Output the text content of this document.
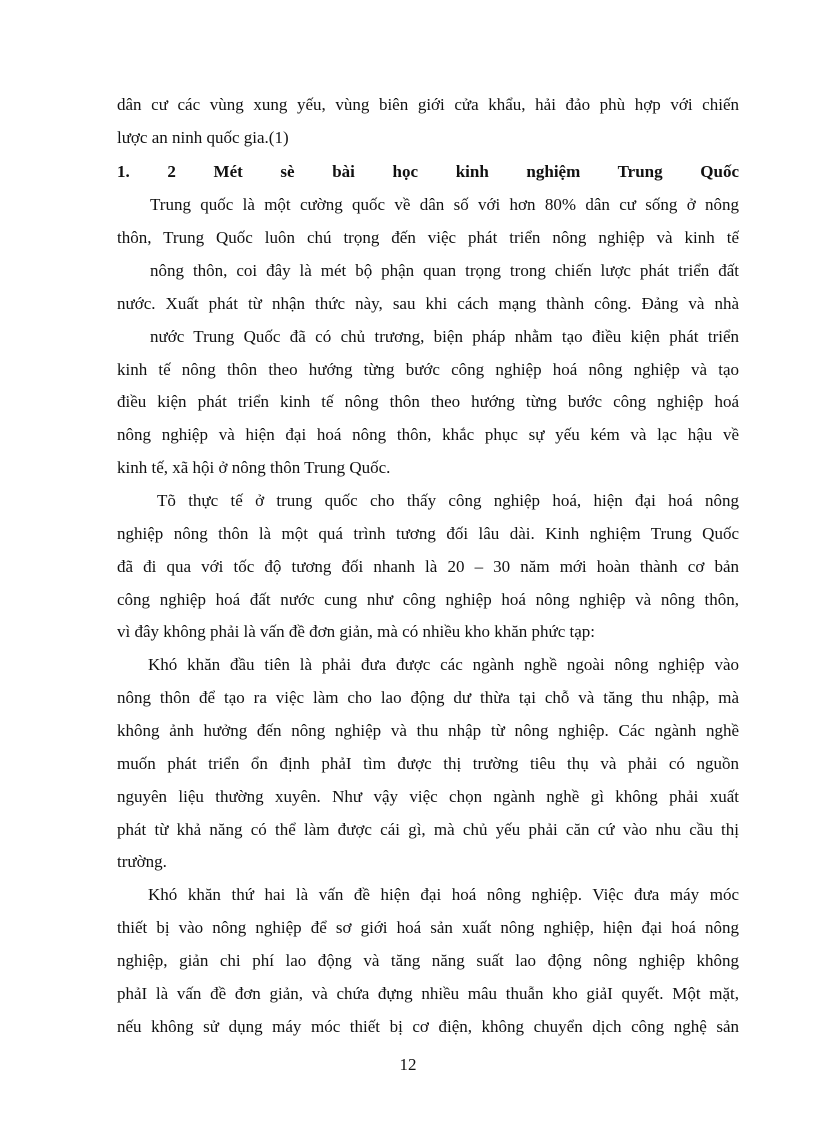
dân cư các vùng xung yếu, vùng biên giới cửa khẩu, hải đảo phù hợp với chiến
lược an ninh quốc gia.(1)
1. 2 Mét sè bài học kinh nghiệm Trung Quốc
Trung quốc là một cường quốc về dân số với hơn 80% dân cư sống ở nông
thôn, Trung Quốc luôn chú trọng đến việc phát triển nông nghiệp và kinh tế
nông thôn, coi đây là mét bộ phận quan trọng trong chiến lược phát triển đất
nước. Xuất phát từ nhận thức này, sau khi cách mạng thành công. Đảng và nhà
nước Trung Quốc đã có chủ trương, biện pháp nhằm tạo điều kiện phát triển
kinh tế nông thôn theo hướng từng bước công nghiệp hoá nông nghiệp và tạo
điều kiện phát triển kinh tế nông thôn theo hướng từng bước công nghiệp hoá
nông nghiệp và hiện đại hoá nông thôn, khắc phục sự yếu kém và lạc hậu về
kinh tế, xã hội ở nông thôn Trung Quốc.
Tõ thực tế ở trung quốc cho thấy công nghiệp hoá, hiện đại hoá nông
nghiệp nông thôn là một quá trình tương đối lâu dài. Kinh nghiệm Trung Quốc
đã đi qua với tốc độ tương đối nhanh là 20 – 30 năm mới hoàn thành cơ bản
công nghiệp hoá đất nước cung như công nghiệp hoá nông nghiệp và nông thôn,
vì đây không phải là vấn đề đơn giản, mà có nhiều kho khăn phức tạp:
Khó khăn đầu tiên là phải đưa được các ngành nghề ngoài nông nghiệp vào
nông thôn để tạo ra việc làm cho lao động dư thừa tại chỗ và tăng thu nhập, mà
không ảnh hưởng đến nông nghiệp và thu nhập từ nông nghiệp. Các ngành nghề
muốn phát triển ổn định phảI tìm được thị trường tiêu thụ và phải có nguồn
nguyên liệu thường xuyên. Như vậy việc chọn ngành nghề gì không phải xuất
phát từ khả năng có thể làm được cái gì, mà chủ yếu phải căn cứ vào nhu cầu thị
trường.
Khó khăn thứ hai là vấn đề hiện đại hoá nông nghiệp. Việc đưa máy móc
thiết bị vào nông nghiệp để sơ giới hoá sản xuất nông nghiệp, hiện đại hoá nông
nghiệp, giản chi phí lao động và tăng năng suất lao động nông nghiệp không
phảI là vấn đề đơn giản, và chứa đựng nhiều mâu thuẫn kho giảI quyết. Một mặt,
nếu không sử dụng máy móc thiết bị cơ điện, không chuyển dịch công nghệ sản
12
